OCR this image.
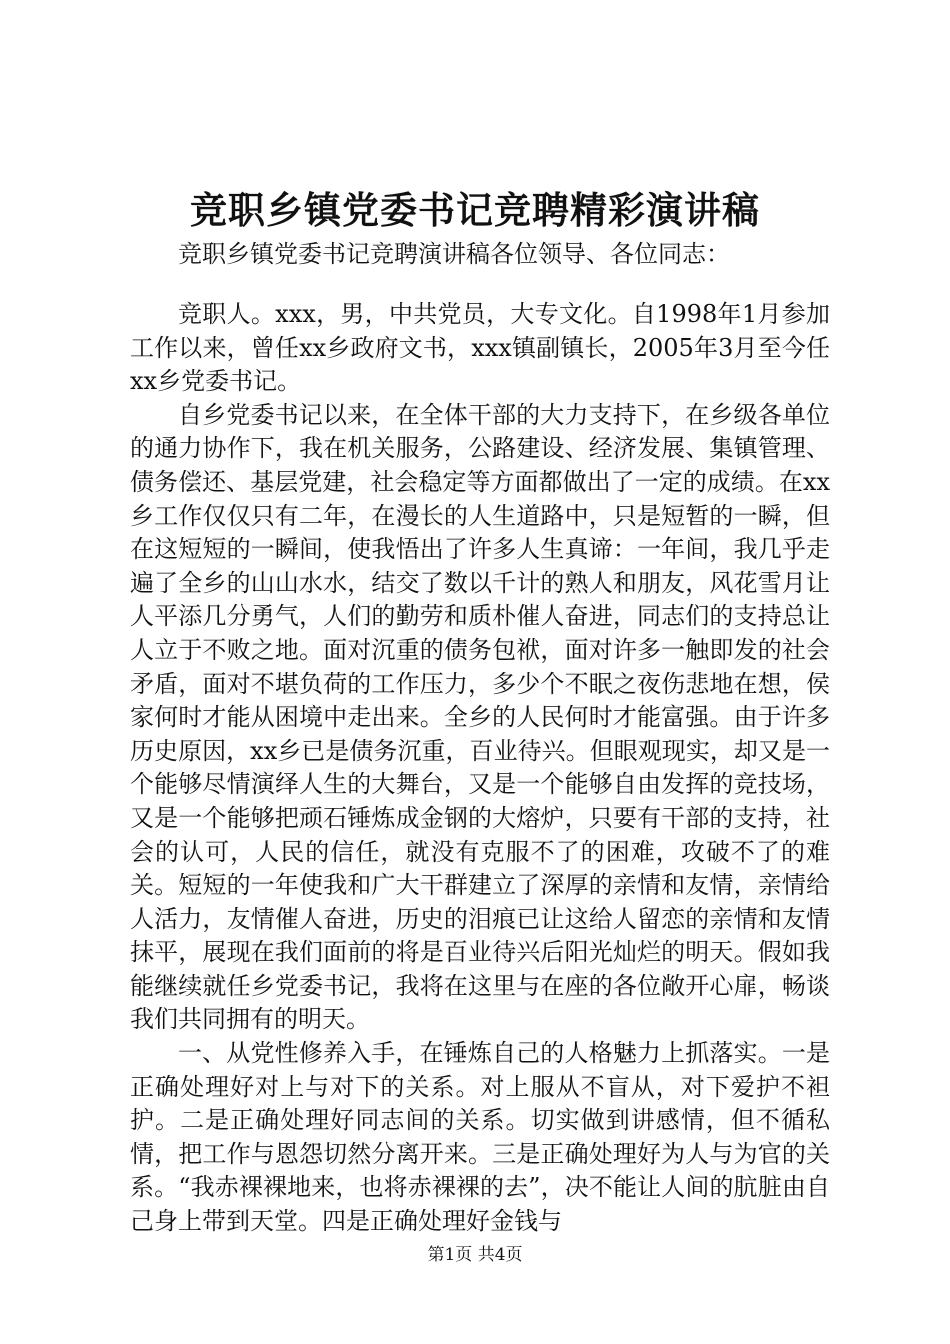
竞职乡镇党委书记竞聘精彩演讲稿
竞职乡镇党委书记竞聘演讲稿各位领导、各位同志：

竞职人。xxx，男，中共党员，大专文化。自1998年1月参加工作以来，曾任xx乡政府文书，xxx镇副镇长，2005年3月至今任xx乡党委书记。

自乡党委书记以来，在全体干部的大力支持下，在乡级各单位的通力协作下，我在机关服务，公路建设、经济发展、集镇管理、债务偿还、基层党建，社会稳定等方面都做出了一定的成绩。在xx乡工作仅仅只有二年，在漫长的人生道路中，只是短暂的一瞬，但在这短短的一瞬间，使我悟出了许多人生真谛：一年间，我几乎走遍了全乡的山山水水，结交了数以千计的熟人和朋友，风花雪月让人平添几分勇气，人们的勤劳和质朴催人奋进，同志们的支持总让人立于不败之地。面对沉重的债务包袱，面对许多一触即发的社会矛盾，面对不堪负荷的工作压力，多少个不眠之夜伤悲地在想，侯家何时才能从困境中走出来。全乡的人民何时才能富强。由于许多历史原因，xx乡已是债务沉重，百业待兴。但眼观现实，却又是一个能够尽情演绎人生的大舞台，又是一个能够自由发挥的竞技场，又是一个能够把顽石锤炼成金钢的大熔炉，只要有干部的支持，社会的认可，人民的信任，就没有克服不了的困难，攻破不了的难关。短短的一年使我和广大干群建立了深厚的亲情和友情，亲情给人活力，友情催人奋进，历史的泪痕已让这给人留恋的亲情和友情抹平，展现在我们面前的将是百业待兴后阳光灿烂的明天。假如我能继续就任乡党委书记，我将在这里与在座的各位敞开心扉，畅谈我们共同拥有的明天。

一、从党性修养入手，在锤炼自己的人格魅力上抓落实。一是正确处理好对上与对下的关系。对上服从不盲从，对下爱护不袒护。二是正确处理好同志间的关系。切实做到讲感情，但不循私情，把工作与恩怨切然分离开来。三是正确处理好为人与为官的关系。“我赤裸裸地来，也将赤裸裸的去”，决不能让人间的肮脏由自己身上带到天堂。四是正确处理好金钱与

第1页 共4页
